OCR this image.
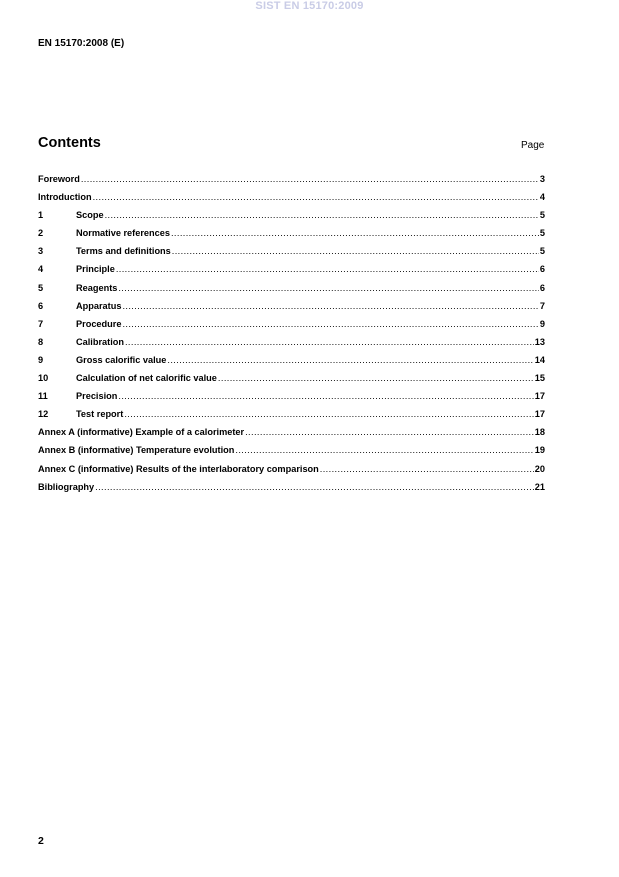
SIST EN 15170:2009
EN 15170:2008 (E)
Contents	Page
Foreword .....	3
Introduction .....	4
1	Scope .....	5
2	Normative references .....	5
3	Terms and definitions .....	5
4	Principle .....	6
5	Reagents .....	6
6	Apparatus .....	7
7	Procedure .....	9
8	Calibration .....	13
9	Gross calorific value .....	14
10	Calculation of net calorific value .....	15
11	Precision .....	17
12	Test report .....	17
Annex A (informative) Example of a calorimeter .....	18
Annex B (informative) Temperature evolution .....	19
Annex C (informative) Results of the interlaboratory comparison .....	20
Bibliography .....	21
2
